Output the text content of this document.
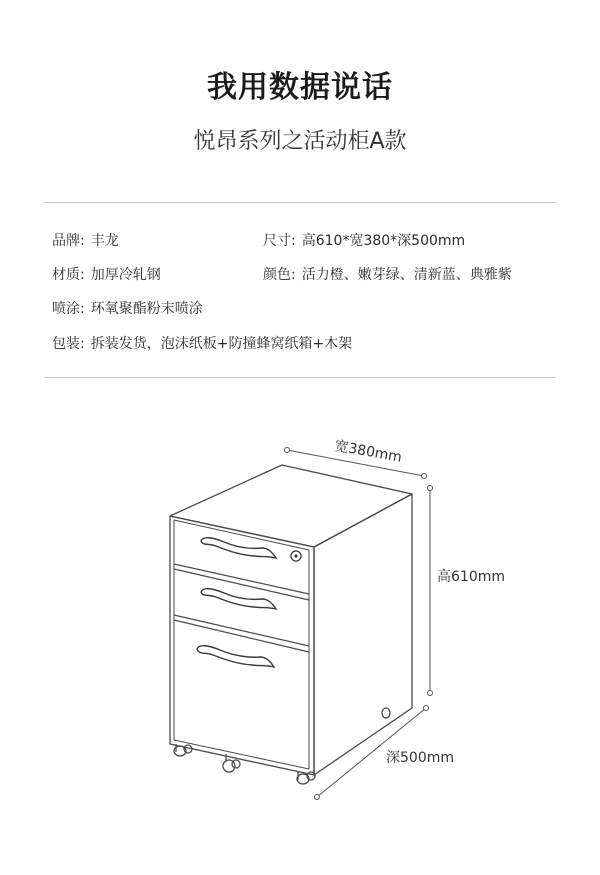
我用数据说话
悦昂系列之活动柜A款
品牌: 丰龙	尺寸: 高610*宽380*深500mm
材质: 加厚冷轧钢	颜色: 活力橙、嫩芽绿、清新蓝、典雅紫
喷涂: 环氧聚酯粉末喷涂
包装: 拆装发货，泡沫纸板+防撞蜂窝纸箱+木架
宽380mm
高610mm
深500mm
